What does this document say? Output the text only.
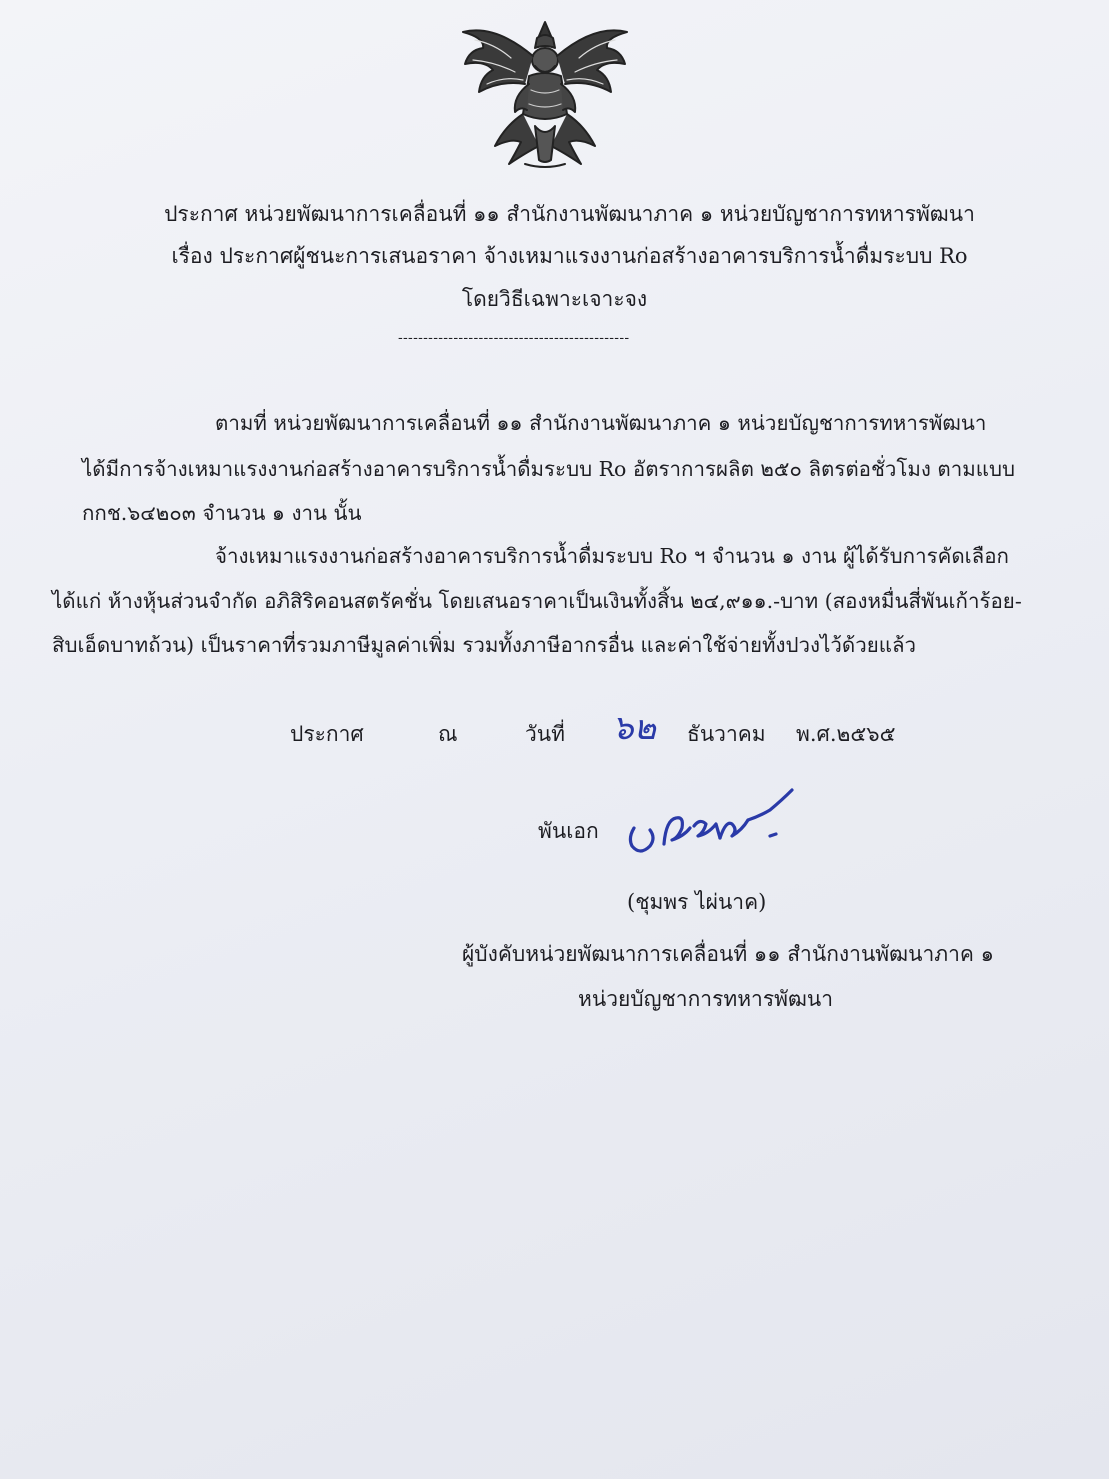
ประกาศ หน่วยพัฒนาการเคลื่อนที่ ๑๑ สำนักงานพัฒนาภาค ๑ หน่วยบัญชาการทหารพัฒนา
เรื่อง ประกาศผู้ชนะการเสนอราคา จ้างเหมาแรงงานก่อสร้างอาคารบริการน้ำดื่มระบบ Ro
โดยวิธีเฉพาะเจาะจง
----------------------------------------------
ตามที่ หน่วยพัฒนาการเคลื่อนที่ ๑๑ สำนักงานพัฒนาภาค ๑ หน่วยบัญชาการทหารพัฒนา
ได้มีการจ้างเหมาแรงงานก่อสร้างอาคารบริการน้ำดื่มระบบ Ro อัตราการผลิต ๒๕๐ ลิตรต่อชั่วโมง ตามแบบ
กกช.๖๔๒๐๓ จำนวน ๑ งาน นั้น
จ้างเหมาแรงงานก่อสร้างอาคารบริการน้ำดื่มระบบ Ro ฯ จำนวน ๑ งาน ผู้ได้รับการคัดเลือก
ได้แก่ ห้างหุ้นส่วนจำกัด อภิสิริคอนสตรัคชั่น โดยเสนอราคาเป็นเงินทั้งสิ้น ๒๔,๙๑๑.-บาท (สองหมื่นสี่พันเก้าร้อย-
สิบเอ็ดบาทถ้วน) เป็นราคาที่รวมภาษีมูลค่าเพิ่ม รวมทั้งภาษีอากรอื่น และค่าใช้จ่ายทั้งปวงไว้ด้วยแล้ว
ประกาศ	ณ	วันที่ ๖๒ ธันวาคม พ.ศ.๒๕๖๕
พันเอก
(ชุมพร ไผ่นาค)
ผู้บังคับหน่วยพัฒนาการเคลื่อนที่ ๑๑ สำนักงานพัฒนาภาค ๑
หน่วยบัญชาการทหารพัฒนา
